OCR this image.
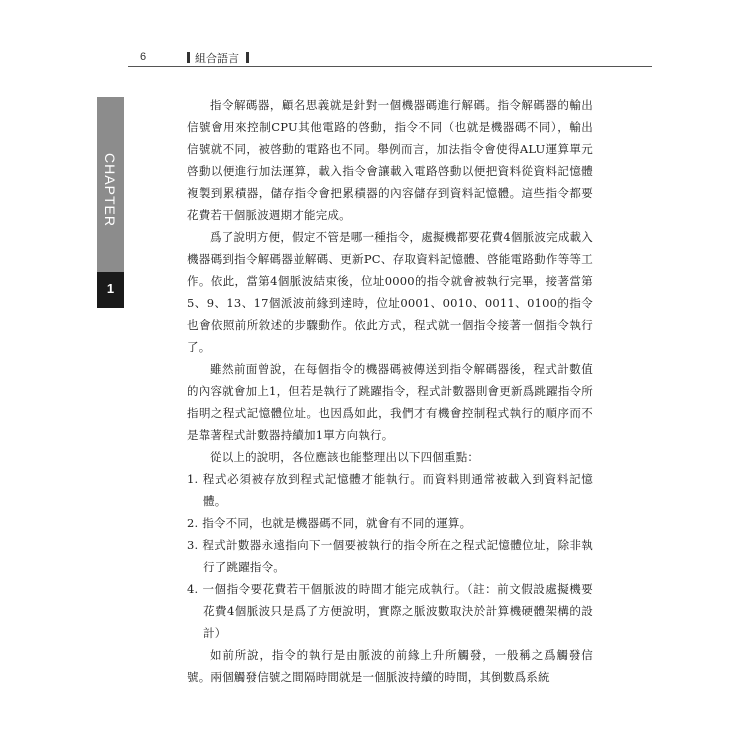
6	組合語言
CHAPTER
1

指令解碼器，顧名思義就是針對一個機器碼進行解碼。指令解碼器的輸出信號會用來控制CPU其他電路的啓動，指令不同（也就是機器碼不同），輸出信號就不同，被啓動的電路也不同。舉例而言，加法指令會使得ALU運算單元啓動以便進行加法運算，載入指令會讓載入電路啓動以便把資料從資料記憶體複製到累積器，儲存指令會把累積器的內容儲存到資料記憶體。這些指令都要花費若干個脈波週期才能完成。

爲了說明方便，假定不管是哪一種指令，處擬機都要花費4個脈波完成載入機器碼到指令解碼器並解碼、更新PC、存取資料記憶體、啓能電路動作等等工作。依此，當第4個脈波結束後，位址0000的指令就會被執行完畢，接著當第5、9、13、17個派波前緣到達時，位址0001、0010、0011、0100的指令也會依照前所敘述的步驟動作。依此方式，程式就一個指令接著一個指令執行了。

雖然前面曾說，在每個指令的機器碼被傳送到指令解碼器後，程式計數值的內容就會加上1，但若是執行了跳躍指令，程式計數器則會更新爲跳躍指令所指明之程式記憶體位址。也因爲如此，我們才有機會控制程式執行的順序而不是靠著程式計數器持續加1單方向執行。

從以上的說明，各位應該也能整理出以下四個重點：

1. 程式必須被存放到程式記憶體才能執行。而資料則通常被載入到資料記憶體。

2. 指令不同，也就是機器碼不同，就會有不同的運算。

3. 程式計數器永遠指向下一個要被執行的指令所在之程式記憶體位址，除非執行了跳躍指令。

4. 一個指令要花費若干個脈波的時間才能完成執行。（註：前文假設處擬機要花費4個脈波只是爲了方便說明，實際之脈波數取決於計算機硬體架構的設計）

如前所說，指令的執行是由脈波的前緣上升所觸發，一般稱之爲觸發信號。兩個觸發信號之間隔時間就是一個脈波持續的時間，其倒數爲系統
